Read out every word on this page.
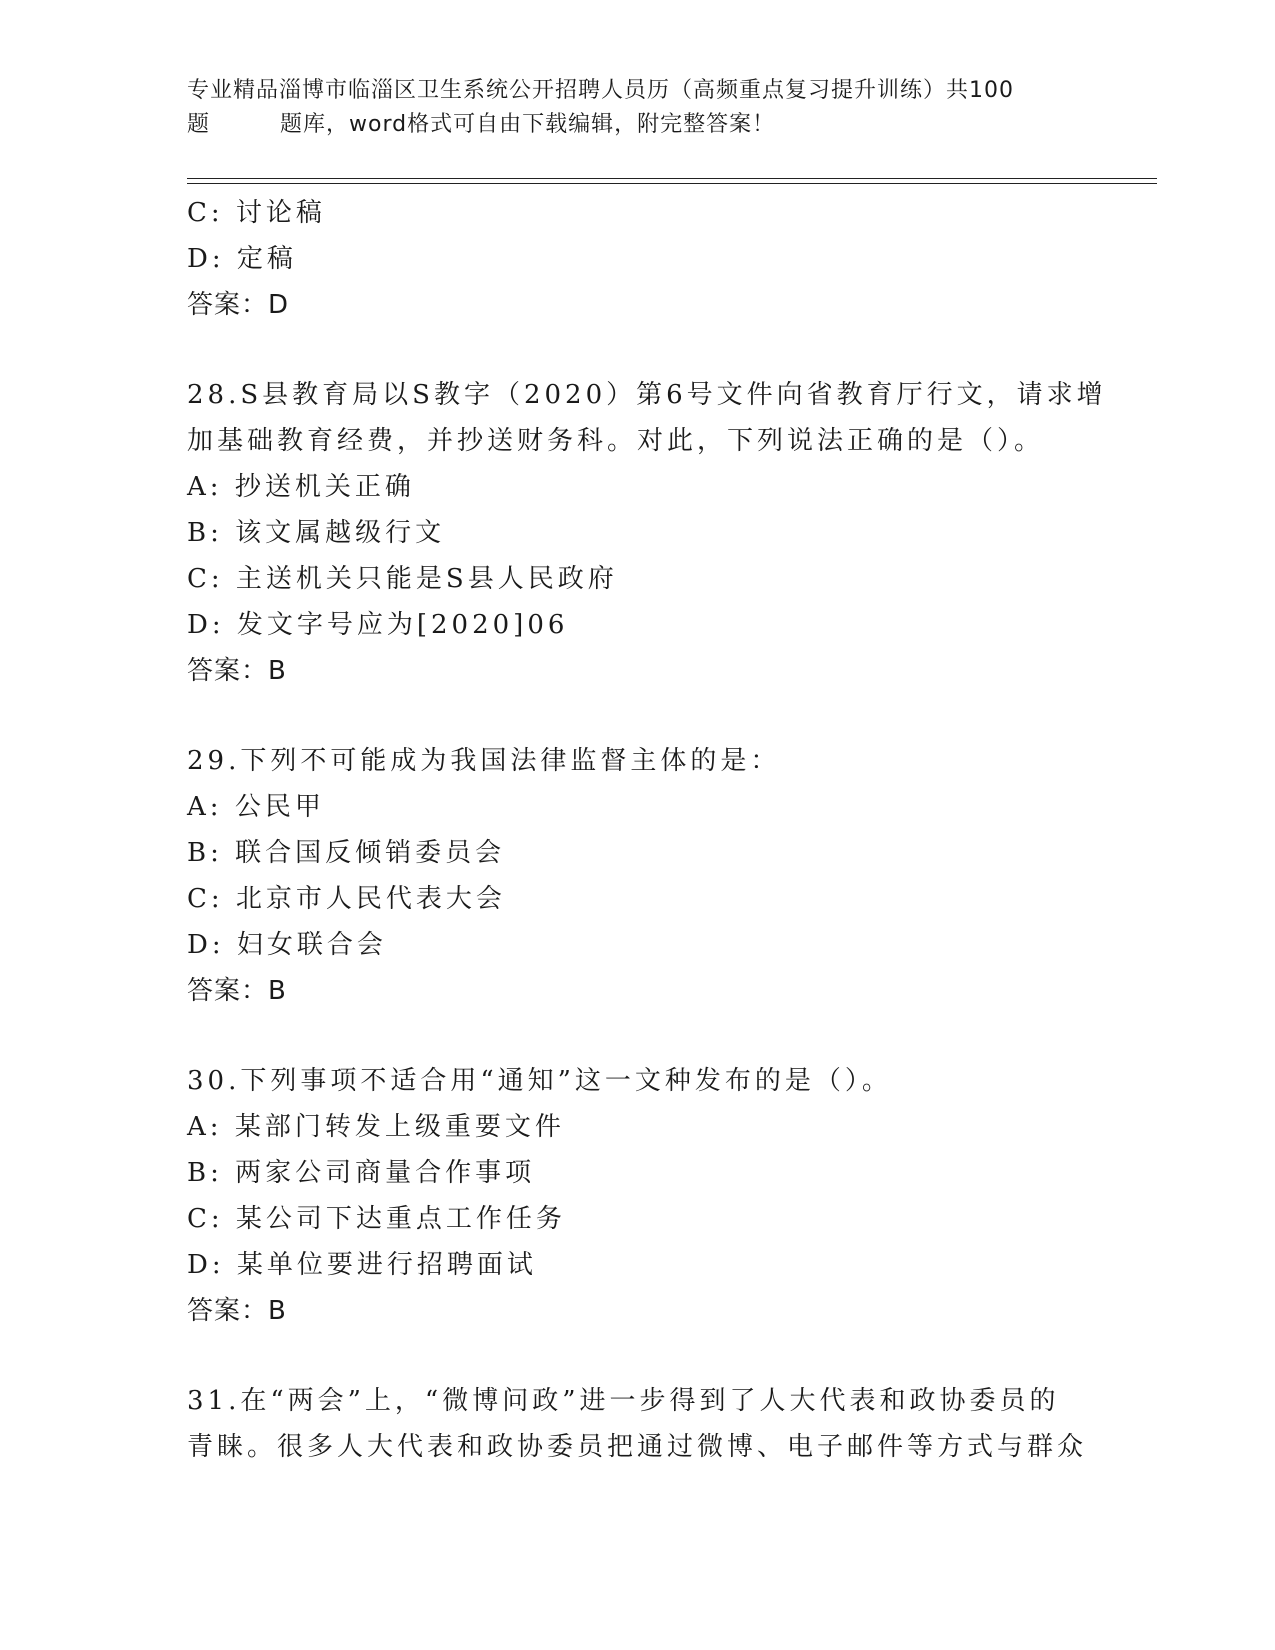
专业精品淄博市临淄区卫生系统公开招聘人员历（高频重点复习提升训练）共100
题	题库，word格式可自由下载编辑，附完整答案！
C: 讨论稿
D: 定稿
答案：D
28.S县教育局以S教字（2020）第6号文件向省教育厅行文，请求增
加基础教育经费，并抄送财务科。对此，下列说法正确的是（）。
A: 抄送机关正确
B: 该文属越级行文
C: 主送机关只能是S县人民政府
D: 发文字号应为[2020]06
答案：B
29.下列不可能成为我国法律监督主体的是：
A: 公民甲
B: 联合国反倾销委员会
C: 北京市人民代表大会
D: 妇女联合会
答案：B
30.下列事项不适合用“通知”这一文种发布的是（）。
A: 某部门转发上级重要文件
B: 两家公司商量合作事项
C: 某公司下达重点工作任务
D: 某单位要进行招聘面试
答案：B
31.在“两会”上，“微博问政”进一步得到了人大代表和政协委员的
青睐。很多人大代表和政协委员把通过微博、电子邮件等方式与群众
